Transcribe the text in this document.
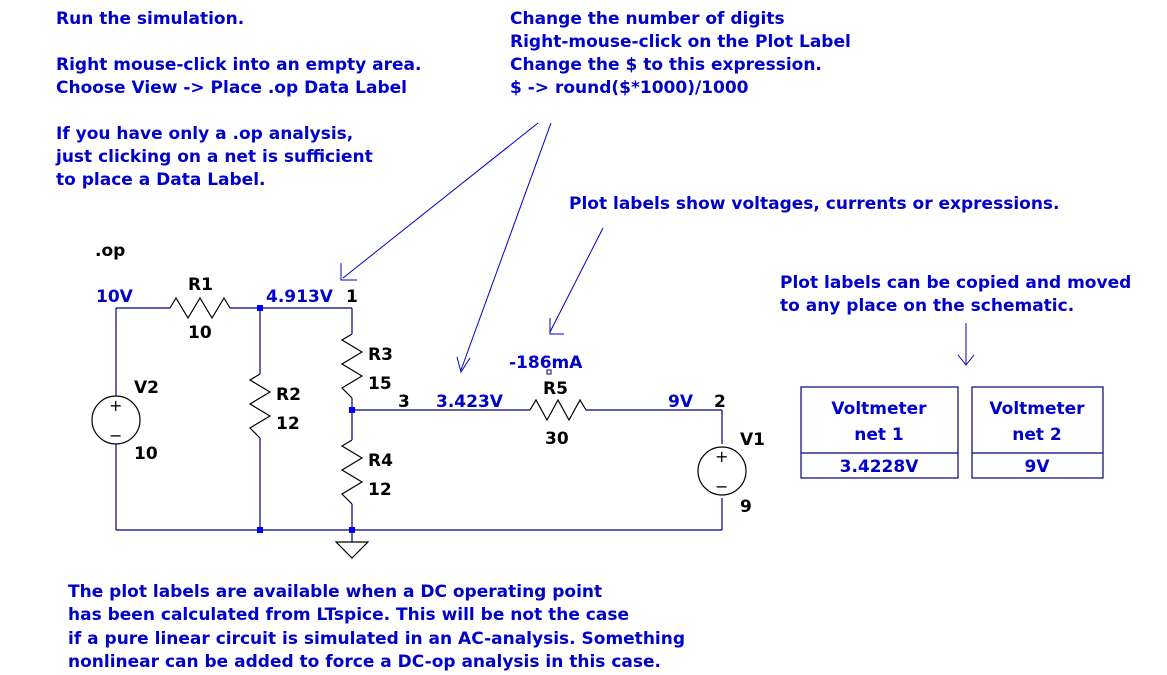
Run the simulation.
Right mouse-click into an empty area.
Choose View -> Place .op Data Label
If you have only a .op analysis,
just clicking on a net is sufficient
to place a Data Label.
Change the number of digits
Right-mouse-click on the Plot Label
Change the $ to this expression.
$ -> round($*1000)/1000
Plot labels show voltages, currents or expressions.
Plot labels can be copied and moved
to any place on the schematic.
The plot labels are available when a DC operating point
has been calculated from LTspice. This will be not the case
if a pure linear circuit is simulated in an AC-analysis. Something
nonlinear can be added to force a DC-op analysis in this case.
+
−
+
−
.op
R1
10
R2
12
R3
15
R4
12
R5
30
V2
10
V1
9
1
3	2
10V	4.913V
3.423V
-186mA
9V	Voltmeter
net 1
3.4228V
Voltmeter
net 2
9V
